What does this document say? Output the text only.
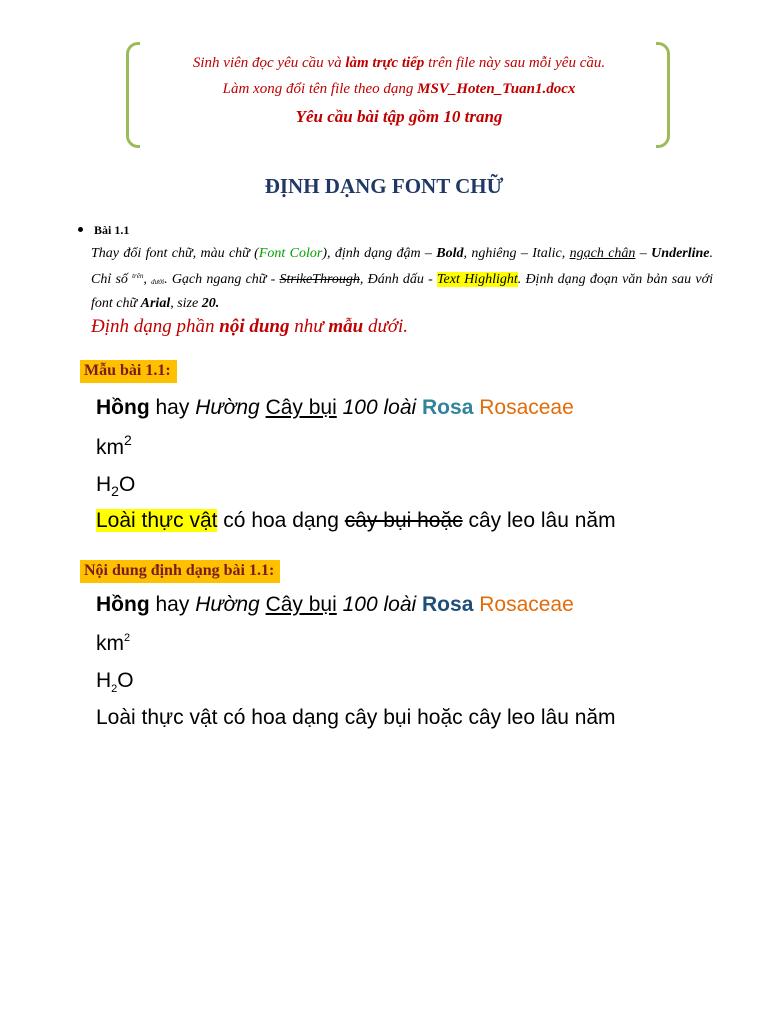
Sinh viên đọc yêu cầu và làm trực tiếp trên file này sau mỗi yêu cầu.
Làm xong đổi tên file theo dạng MSV_Hoten_Tuan1.docx
Yêu cầu bài tập gồm 10 trang
ĐỊNH DẠNG FONT CHỮ
Bài 1.1
Thay đổi font chữ, màu chữ (Font Color), định dạng đậm – Bold, nghiêng – Italic, ngạch chân – Underline. Chỉ số $^{trên}$, dưới. Gạch ngang chữ - StrikeThrough, Đánh dấu - Text Highlight. Định dạng đoạn văn bản sau với font chữ Arial, size 20.
Định dạng phần nội dung như mẫu dưới.
Mẫu bài 1.1:
Hồng hay Hường Cây bụi 100 loài Rosa Rosaceae
$km^2$
$H_2O$
Loài thực vật có hoa dạng cây bụi hoặc cây leo lâu năm
Nội dung định dạng bài 1.1:
Hồng hay Hường Cây bụi 100 loài Rosa Rosaceae
$km^2$
$H_2O$
Loài thực vật có hoa dạng cây bụi hoặc cây leo lâu năm
